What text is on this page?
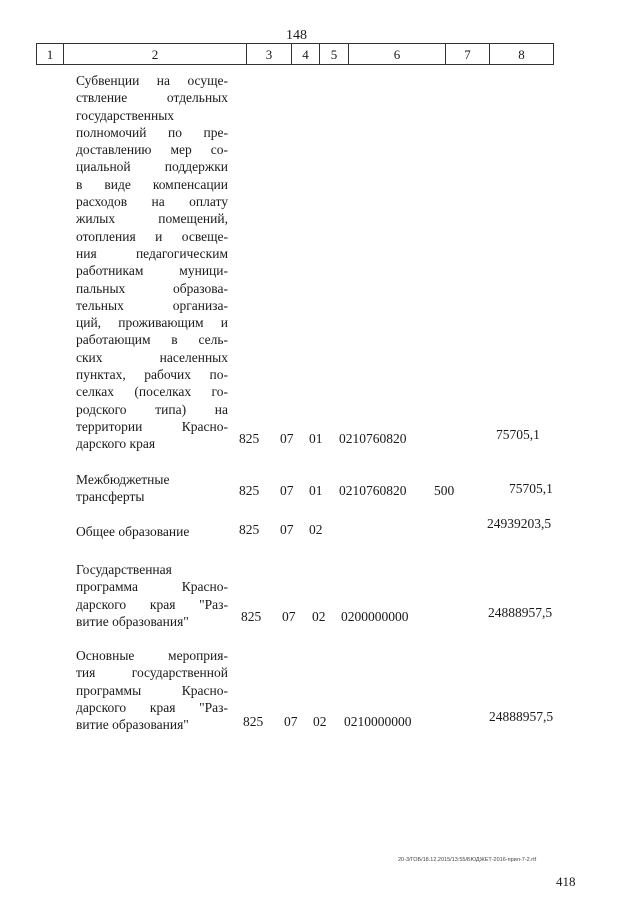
148
1	2	3	4	5	6	7	8
Субвенции на осуще-
ствление отдельных
государственных
полномочий по пре-
доставлению мер со-
циальной поддержки
в виде компенсации
расходов на оплату
жилых помещений,
отопления и освеще-
ния педагогическим
работникам муници-
пальных образова-
тельных организа-
ций, проживающим и
работающим в сель-
ских населенных
пунктах, рабочих по-
селках (поселках го-
родского типа) на
территории Красно-
дарского края	825 07 01 0210760820	75705,1
Межбюджетные
трансферты	825 07 01 0210760820 500	75705,1
Общее образование	825 07 02	24939203,5
Государственная
программа Красно-
дарского края "Раз-
витие образования"	825 07 02 0200000000	24888957,5
Основные мероприя-
тия государственной
программы Красно-
дарского края "Раз-
витие образования"	825 07 02 0210000000	24888957,5
20-3/ГОБ/18.12.2015/13:55/БЮДЖЕТ-2016-прил-7-2.rtf
418
